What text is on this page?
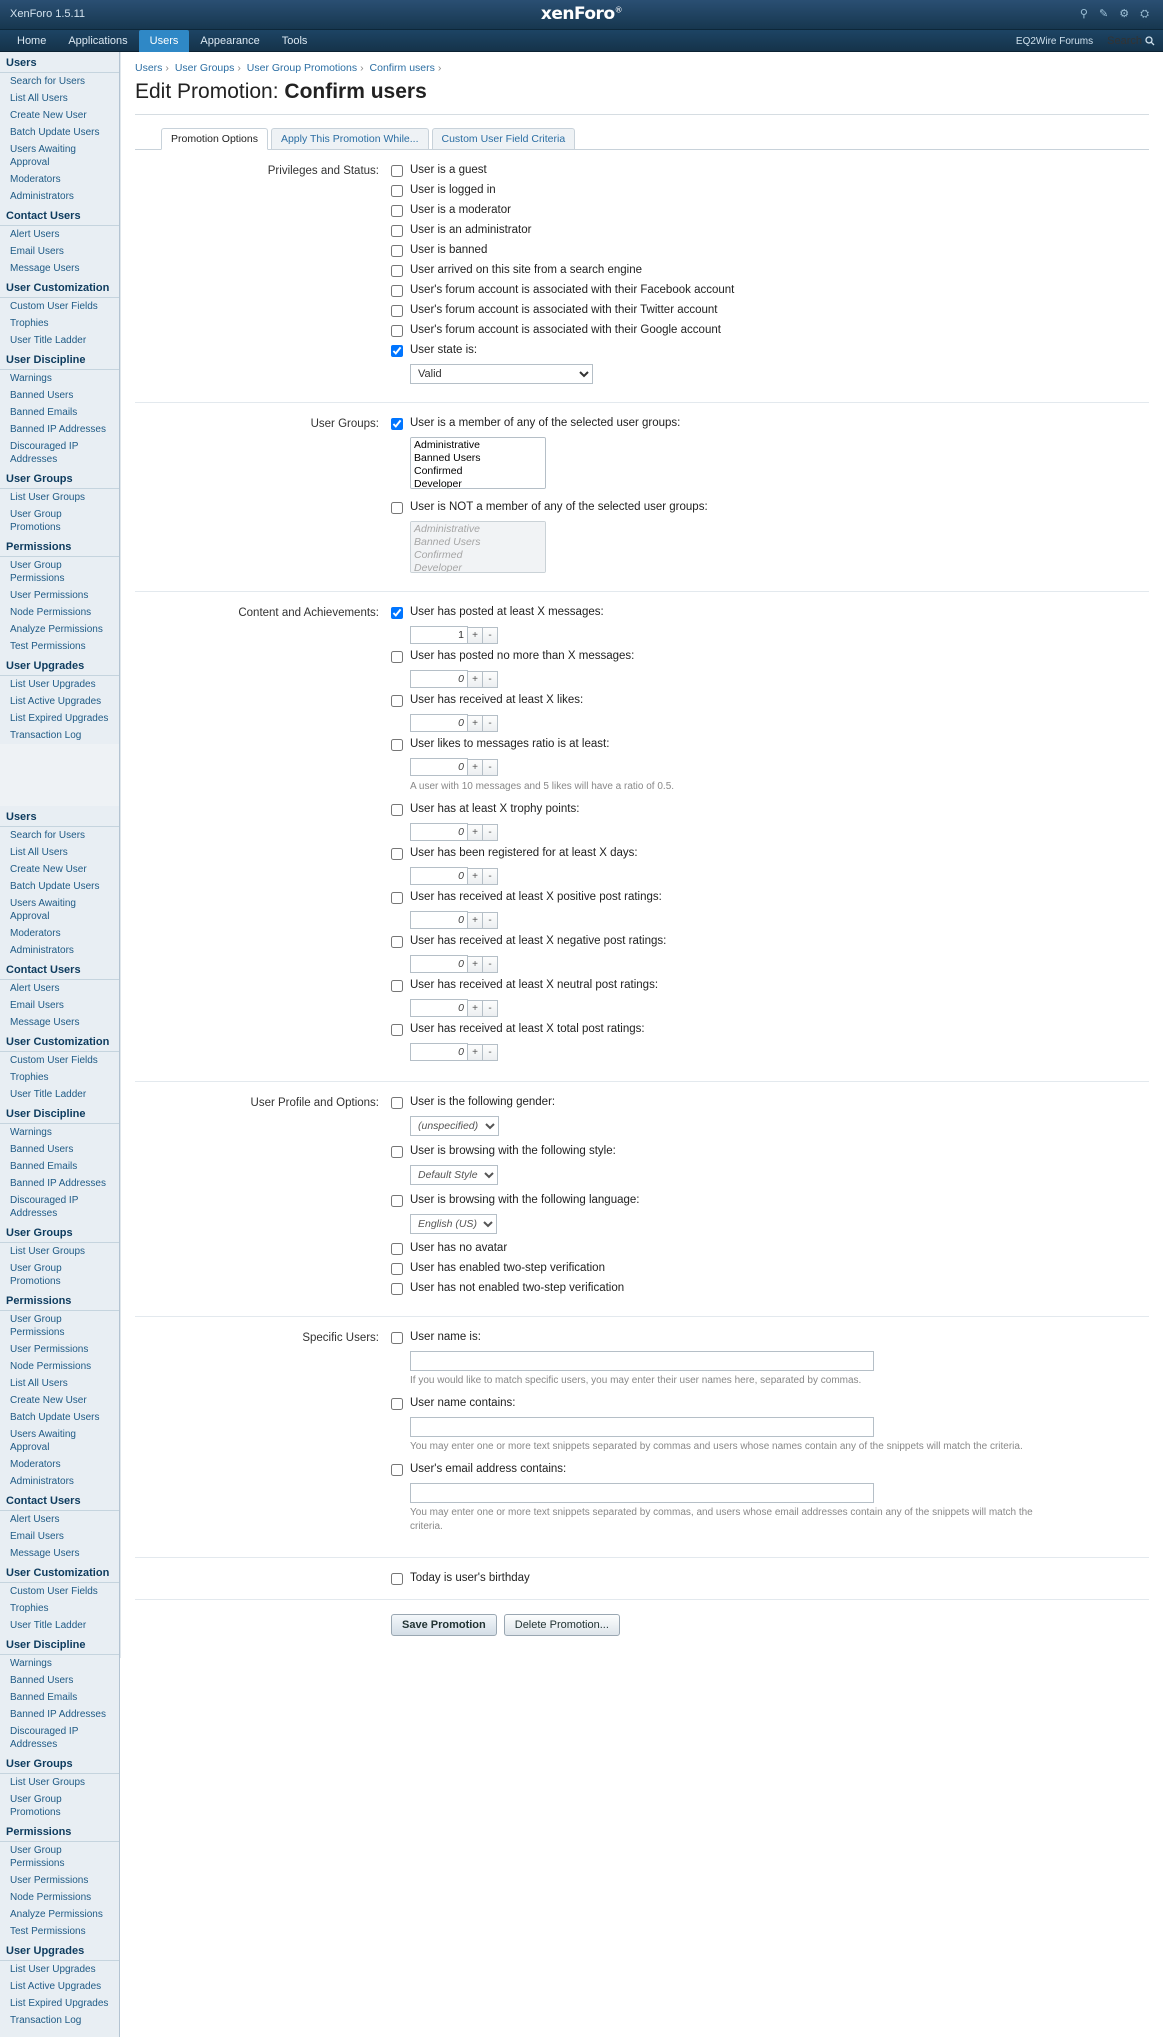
XenForo 1.5.11	xenForo®	⚲ ✎ ⚙ ⛭
Home	Applications	Users	Appearance	Tools	EQ2Wire Forums Search
Users
Search for Users
List All Users
Create New User
Batch Update Users
Users Awaiting Approval
Moderators
Administrators
Contact Users
Alert Users
Email Users
Message Users
User Customization
Custom User Fields
Trophies
User Title Ladder
User Discipline
Warnings
Banned Users
Banned Emails
Banned IP Addresses
Discouraged IP Addresses
User Groups
List User Groups
User Group Promotions
Permissions
User Group Permissions
User Permissions
Node Permissions
Analyze Permissions
Test Permissions
User Upgrades
List User Upgrades
List Active Upgrades
List Expired Upgrades
Transaction Log
Users
Search for Users
List All Users
Create New User
Batch Update Users
Users Awaiting Approval
Moderators
Administrators
Contact Users
Alert Users
Email Users
Message Users
User Customization
Custom User Fields
Trophies
User Title Ladder
User Discipline
Warnings
Banned Users
Banned Emails
Banned IP Addresses
Discouraged IP Addresses
User Groups
List User Groups
User Group Promotions
Permissions
User Group Permissions
User Permissions
Node Permissions
List All Users
Create New User
Batch Update Users
Users Awaiting Approval
Moderators
Administrators
Contact Users
Alert Users
Email Users
Message Users
User Customization
Custom User Fields
Trophies
User Title Ladder
User Discipline
Warnings
Banned Users
Banned Emails
Banned IP Addresses
Discouraged IP Addresses
User Groups
List User Groups
User Group Promotions
Permissions
User Group Permissions
User Permissions
Node Permissions
Analyze Permissions
Test Permissions
User Upgrades
List User Upgrades
List Active Upgrades
List Expired Upgrades
Transaction Log
Users › User Groups › User Group Promotions › Confirm users ›
Edit Promotion: Confirm users
Promotion Options	Apply This Promotion While...	Custom User Field Criteria
Privileges and Status:	User is a guest
User is logged in
User is a moderator
User is an administrator
User is banned
User arrived on this site from a search engine
User's forum account is associated with their Facebook account
User's forum account is associated with their Twitter account
User's forum account is associated with their Google account
User state is:
Valid
User Groups:	User is a member of any of the selected user groups:
User is NOT a member of any of the selected user groups:
Content and Achievements:	User has posted at least X messages:
1
+	-
User has posted no more than X messages:
0
+	-
User has received at least X likes:
0
+	-
User likes to messages ratio is at least:
0
+	-
A user with 10 messages and 5 likes will have a ratio of 0.5.
User has at least X trophy points:
0
+	-
User has been registered for at least X days:
0
+	-
User has received at least X positive post ratings:
0
+	-
User has received at least X negative post ratings:
0
+	-
User has received at least X neutral post ratings:
0
+	-
User has received at least X total post ratings:
0
+	-
User Profile and Options:	User is the following gender:
(unspecified)
User is browsing with the following style:
Default Style
User is browsing with the following language:
English (US)
User has no avatar
User has enabled two-step verification
User has not enabled two-step verification
Specific Users:	User name is:
If you would like to match specific users, you may enter their user names here, separated by commas.
User name contains:
You may enter one or more text snippets separated by commas and users whose names contain any of the snippets will match the criteria.
User's email address contains:
You may enter one or more text snippets separated by commas, and users whose email addresses contain any of the snippets will match the criteria.
Today is user's birthday
Save Promotion	Delete Promotion...
